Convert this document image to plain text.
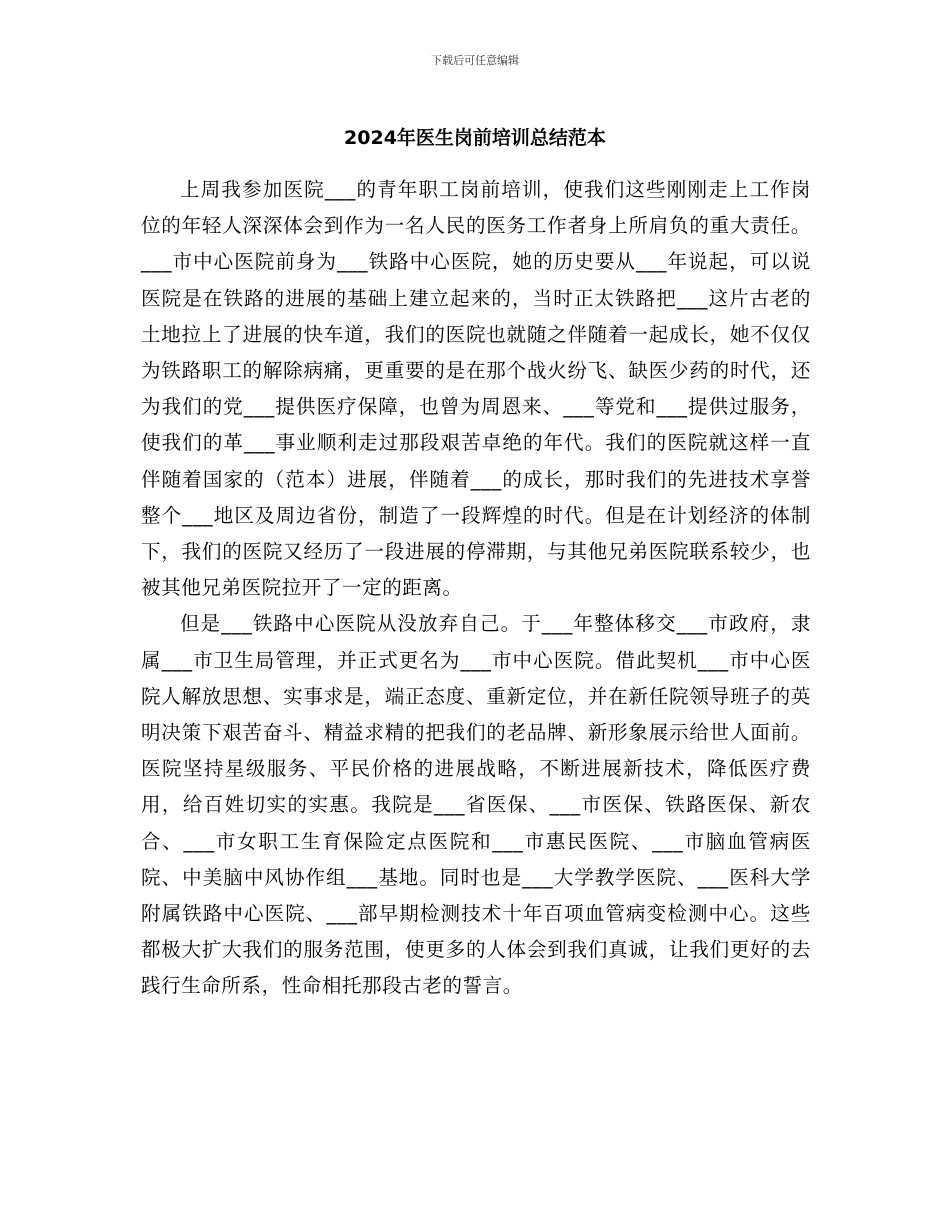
下载后可任意编辑
2024年医生岗前培训总结范本

上周我参加医院___的青年职工岗前培训，使我们这些刚刚走上工作岗位的年轻人深深体会到作为一名人民的医务工作者身上所肩负的重大责任。___市中心医院前身为___铁路中心医院，她的历史要从___年说起，可以说医院是在铁路的进展的基础上建立起来的，当时正太铁路把___这片古老的土地拉上了进展的快车道，我们的医院也就随之伴随着一起成长，她不仅仅为铁路职工的解除病痛，更重要的是在那个战火纷飞、缺医少药的时代，还为我们的党___提供医疗保障，也曾为周恩来、___等党和___提供过服务，使我们的革___事业顺利走过那段艰苦卓绝的年代。我们的医院就这样一直伴随着国家的（范本）进展，伴随着___的成长，那时我们的先进技术享誉整个___地区及周边省份，制造了一段辉煌的时代。但是在计划经济的体制下，我们的医院又经历了一段进展的停滞期，与其他兄弟医院联系较少，也被其他兄弟医院拉开了一定的距离。

但是___铁路中心医院从没放弃自己。于___年整体移交___市政府，隶属___市卫生局管理，并正式更名为___市中心医院。借此契机___市中心医院人解放思想、实事求是，端正态度、重新定位，并在新任院领导班子的英明决策下艰苦奋斗、精益求精的把我们的老品牌、新形象展示给世人面前。医院坚持星级服务、平民价格的进展战略，不断进展新技术，降低医疗费用，给百姓切实的实惠。我院是___省医保、___市医保、铁路医保、新农合、___市女职工生育保险定点医院和___市惠民医院、___市脑血管病医院、中美脑中风协作组___基地。同时也是___大学教学医院、___医科大学附属铁路中心医院、___部早期检测技术十年百项血管病变检测中心。这些都极大扩大我们的服务范围，使更多的人体会到我们真诚，让我们更好的去践行生命所系，性命相托那段古老的誓言。
